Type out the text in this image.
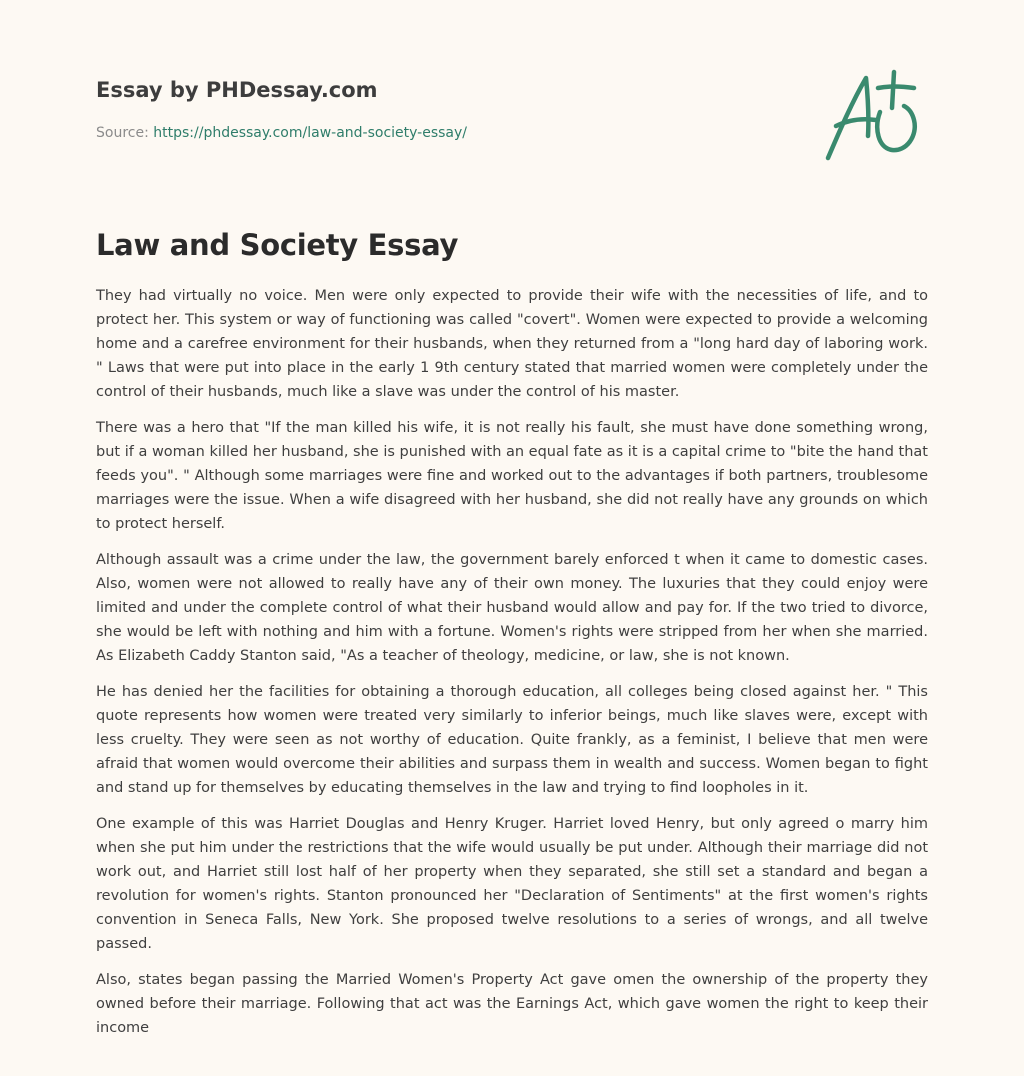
Essay by PHDessay.com

Source: https://phdessay.com/law-and-society-essay/
Law and Society Essay

They had virtually no voice. Men were only expected to provide their wife with the necessities of life, and to protect her. This system or way of functioning was called "covert". Women were expected to provide a welcoming home and a carefree environment for their husbands, when they returned from a "long hard day of laboring work. " Laws that were put into place in the early 1 9th century stated that married women were completely under the control of their husbands, much like a slave was under the control of his master.

There was a hero that "If the man killed his wife, it is not really his fault, she must have done something wrong, but if a woman killed her husband, she is punished with an equal fate as it is a capital crime to "bite the hand that feeds you". " Although some marriages were fine and worked out to the advantages if both partners, troublesome marriages were the issue. When a wife disagreed with her husband, she did not really have any grounds on which to protect herself.

Although assault was a crime under the law, the government barely enforced t when it came to domestic cases. Also, women were not allowed to really have any of their own money. The luxuries that they could enjoy were limited and under the complete control of what their husband would allow and pay for. If the two tried to divorce, she would be left with nothing and him with a fortune. Women's rights were stripped from her when she married. As Elizabeth Caddy Stanton said, "As a teacher of theology, medicine, or law, she is not known.

He has denied her the facilities for obtaining a thorough education, all colleges being closed against her. " This quote represents how women were treated very similarly to inferior beings, much like slaves were, except with less cruelty. They were seen as not worthy of education. Quite frankly, as a feminist, I believe that men were afraid that women would overcome their abilities and surpass them in wealth and success. Women began to fight and stand up for themselves by educating themselves in the law and trying to find loopholes in it.

One example of this was Harriet Douglas and Henry Kruger. Harriet loved Henry, but only agreed o marry him when she put him under the restrictions that the wife would usually be put under. Although their marriage did not work out, and Harriet still lost half of her property when they separated, she still set a standard and began a revolution for women's rights. Stanton pronounced her "Declaration of Sentiments" at the first women's rights convention in Seneca Falls, New York. She proposed twelve resolutions to a series of wrongs, and all twelve passed.

Also, states began passing the Married Women's Property Act gave omen the ownership of the property they owned before their marriage. Following that act was the Earnings Act, which gave women the right to keep their income
